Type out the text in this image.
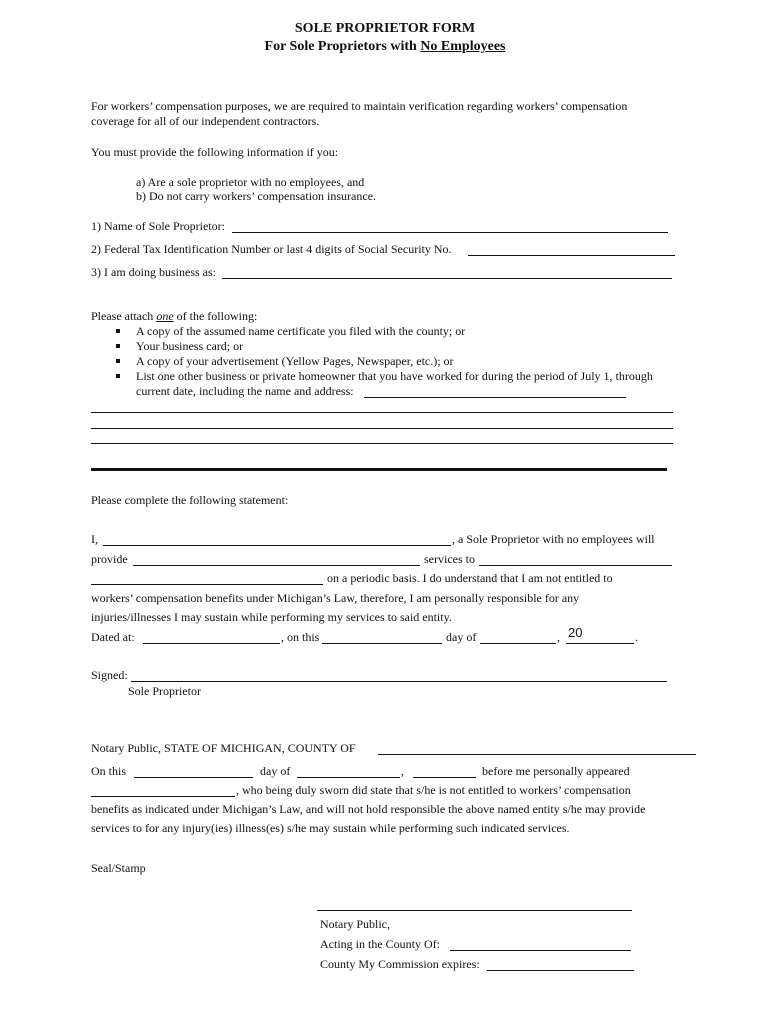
SOLE PROPRIETOR FORM
For Sole Proprietors with No Employees
For workers’ compensation purposes, we are required to maintain verification regarding workers’ compensation
coverage for all of our independent contractors.
You must provide the following information if you:
a) Are a sole proprietor with no employees, and
b) Do not carry workers’ compensation insurance.
1) Name of Sole Proprietor:
2) Federal Tax Identification Number or last 4 digits of Social Security No.
3) I am doing business as:
Please attach one of the following:
A copy of the assumed name certificate you filed with the county; or
Your business card; or
A copy of your advertisement (Yellow Pages, Newspaper, etc.); or
List one other business or private homeowner that you have worked for during the period of July 1, through
current date, including the name and address:
Please complete the following statement:
I,	, a Sole Proprietor with no employees will
provide	services to
on a periodic basis. I do understand that I am not entitled to
workers’ compensation benefits under Michigan’s Law, therefore, I am personally responsible for any
injuries/illnesses I may sustain while performing my services to said entity.
Dated at:	, on this	day of	, 20	.
Signed:
Sole Proprietor
Notary Public, STATE OF MICHIGAN, COUNTY OF
On this	day of	,	before me personally appeared
, who being duly sworn did state that s/he is not entitled to workers’ compensation
benefits as indicated under Michigan’s Law, and will not hold responsible the above named entity s/he may provide
services to for any injury(ies) illness(es) s/he may sustain while performing such indicated services.
Seal/Stamp
Notary Public,
Acting in the County Of:
County My Commission expires:
